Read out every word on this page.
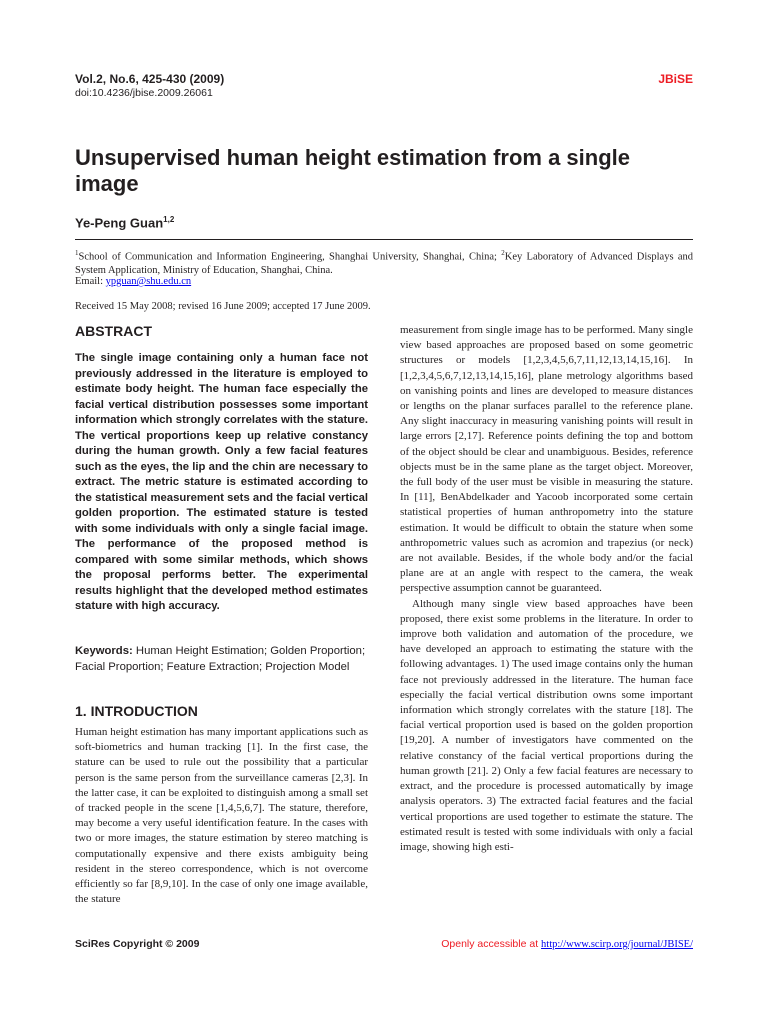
Vol.2, No.6, 425-430 (2009)
doi:10.4236/jbise.2009.26061
JBiSE
Unsupervised human height estimation from a single image
Ye-Peng Guan$^{1,2}$
$^1$School of Communication and Information Engineering, Shanghai University, Shanghai, China; $^2$Key Laboratory of Advanced Displays and System Application, Ministry of Education, Shanghai, China.
Email: ypguan@shu.edu.cn
Received 15 May 2008; revised 16 June 2009; accepted 17 June 2009.
ABSTRACT

The single image containing only a human face not previously addressed in the literature is employed to estimate body height. The human face especially the facial vertical distribution possesses some important information which strongly correlates with the stature. The vertical proportions keep up relative constancy during the human growth. Only a few facial features such as the eyes, the lip and the chin are necessary to extract. The metric stature is estimated according to the statistical measurement sets and the facial vertical golden proportion. The estimated stature is tested with some individuals with only a single facial image. The performance of the proposed method is compared with some similar methods, which shows the proposal performs better. The experimental results highlight that the developed method estimates stature with high accuracy.

Keywords: Human Height Estimation; Golden Proportion; Facial Proportion; Feature Extraction; Projection Model

1. INTRODUCTION

Human height estimation has many important applications such as soft-biometrics and human tracking [1]. In the first case, the stature can be used to rule out the possibility that a particular person is the same person from the surveillance cameras [2,3]. In the latter case, it can be exploited to distinguish among a small set of tracked people in the scene [1,4,5,6,7]. The stature, therefore, may become a very useful identification feature. In the cases with two or more images, the stature estimation by stereo matching is computationally expensive and there exists ambiguity being resident in the stereo correspondence, which is not overcome efficiently so far [8,9,10]. In the case of only one image available, the stature

measurement from single image has to be performed. Many single view based approaches are proposed based on some geometric structures or models [1,2,3,4,5,6,7,11,12,13,14,15,16]. In [1,2,3,4,5,6,7,12,13,14,15,16], plane metrology algorithms based on vanishing points and lines are developed to measure distances or lengths on the planar surfaces parallel to the reference plane. Any slight inaccuracy in measuring vanishing points will result in large errors [2,17]. Reference points defining the top and bottom of the object should be clear and unambiguous. Besides, reference objects must be in the same plane as the target object. Moreover, the full body of the user must be visible in measuring the stature. In [11], BenAbdelkader and Yacoob incorporated some certain statistical properties of human anthropometry into the stature estimation. It would be difficult to obtain the stature when some anthropometric values such as acromion and trapezius (or neck) are not available. Besides, if the whole body and/or the facial plane are at an angle with respect to the camera, the weak perspective assumption cannot be guaranteed.

Although many single view based approaches have been proposed, there exist some problems in the literature. In order to improve both validation and automation of the procedure, we have developed an approach to estimating the stature with the following advantages. 1) The used image contains only the human face not previously addressed in the literature. The human face especially the facial vertical distribution owns some important information which strongly correlates with the stature [18]. The facial vertical proportion used is based on the golden proportion [19,20]. A number of investigators have commented on the relative constancy of the facial vertical proportions during the human growth [21]. 2) Only a few facial features are necessary to extract, and the procedure is processed automatically by image analysis operators. 3) The extracted facial features and the facial vertical proportions are used together to estimate the stature. The estimated result is tested with some individuals with only a facial image, showing high esti-

SciRes Copyright © 2009	Openly accessible at http://www.scirp.org/journal/JBISE/
